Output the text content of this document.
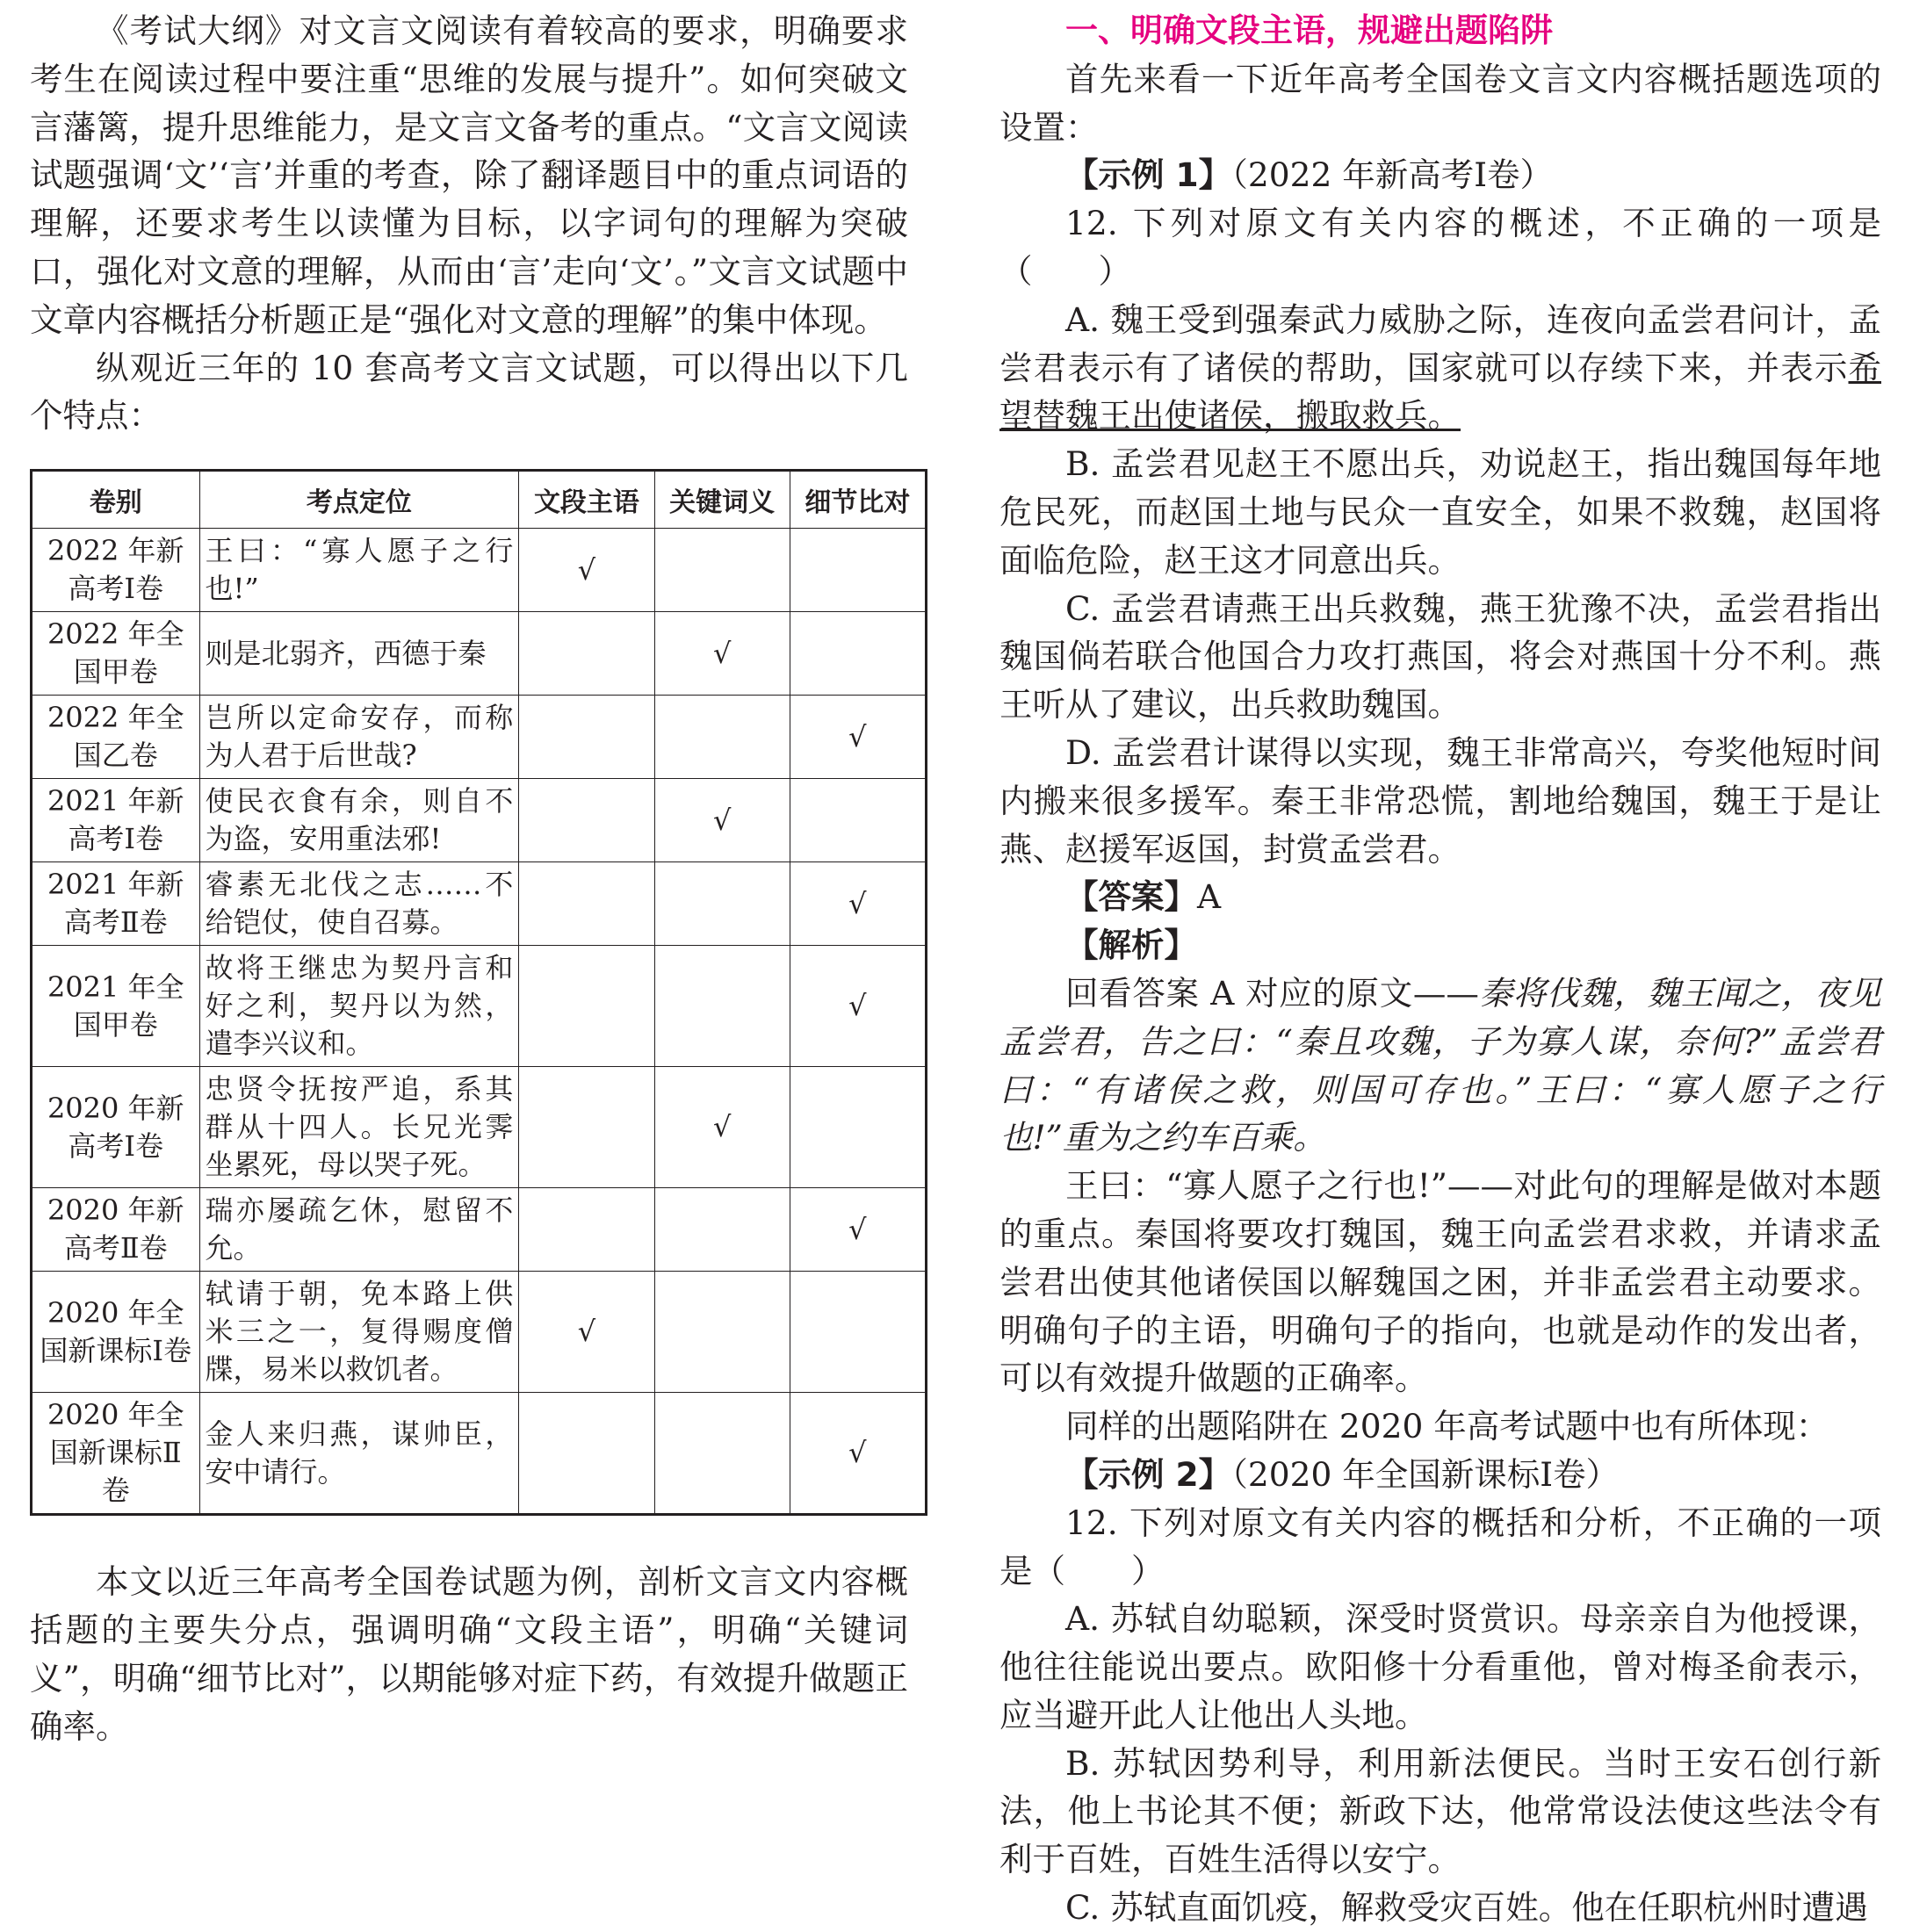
《考试大纲》对文言文阅读有着较高的要求，明确要求考生在阅读过程中要注重“思维的发展与提升”。如何突破文言藩篱，提升思维能力，是文言文备考的重点。“文言文阅读试题强调‘文’‘言’并重的考查，除了翻译题目中的重点词语的理解，还要求考生以读懂为目标，以字词句的理解为突破口，强化对文意的理解，从而由‘言’走向‘文’。”文言文试题中文章内容概括分析题正是“强化对文意的理解”的集中体现。

纵观近三年的 10 套高考文言文试题，可以得出以下几个特点：

卷别	考点定位	文段主语	关键词义	细节比对
2022 年新高考Ⅰ卷	王曰：“寡人愿子之行也!”	√		
2022 年全国甲卷	则是北弱齐，西德于秦		√	
2022 年全国乙卷	岂所以定命安存，而称为人君于后世哉?			√
2021 年新高考Ⅰ卷	使民衣食有余，则自不为盗，安用重法邪!		√	
2021 年新高考Ⅱ卷	睿素无北伐之志……不给铠仗，使自召募。			√
2021 年全国甲卷	故将王继忠为契丹言和好之利，契丹以为然，遣李兴议和。			√
2020 年新高考Ⅰ卷	忠贤令抚按严追，系其群从十四人。长兄光霁坐累死，母以哭子死。		√	
2020 年新高考Ⅱ卷	瑞亦屡疏乞休，慰留不允。			√
2020 年全国新课标Ⅰ卷	轼请于朝，免本路上供米三之一，复得赐度僧牒，易米以救饥者。	√		
2020 年全国新课标Ⅱ卷	金人来归燕，谋帅臣，安中请行。			√

本文以近三年高考全国卷试题为例，剖析文言文内容概括题的主要失分点，强调明确“文段主语”，明确“关键词义”，明确“细节比对”，以期能够对症下药，有效提升做题正确率。

一、明确文段主语，规避出题陷阱

首先来看一下近年高考全国卷文言文内容概括题选项的设置：

【示例 1】（2022 年新高考Ⅰ卷）

12. 下列对原文有关内容的概述，不正确的一项是（　　）

A. 魏王受到强秦武力威胁之际，连夜向孟尝君问计，孟尝君表示有了诸侯的帮助，国家就可以存续下来，并表示希望替魏王出使诸侯，搬取救兵。

B. 孟尝君见赵王不愿出兵，劝说赵王，指出魏国每年地危民死，而赵国土地与民众一直安全，如果不救魏，赵国将面临危险，赵王这才同意出兵。

C. 孟尝君请燕王出兵救魏，燕王犹豫不决，孟尝君指出魏国倘若联合他国合力攻打燕国，将会对燕国十分不利。燕王听从了建议，出兵救助魏国。

D. 孟尝君计谋得以实现，魏王非常高兴，夸奖他短时间内搬来很多援军。秦王非常恐慌，割地给魏国，魏王于是让燕、赵援军返国，封赏孟尝君。

【答案】A

【解析】

回看答案 A 对应的原文——秦将伐魏，魏王闻之，夜见孟尝君，告之曰：“秦且攻魏，子为寡人谋，奈何?”孟尝君曰：“有诸侯之救，则国可存也。”王曰：“寡人愿子之行也!”重为之约车百乘。

王曰：“寡人愿子之行也!”——对此句的理解是做对本题的重点。秦国将要攻打魏国，魏王向孟尝君求救，并请求孟尝君出使其他诸侯国以解魏国之困，并非孟尝君主动要求。明确句子的主语，明确句子的指向，也就是动作的发出者，可以有效提升做题的正确率。

同样的出题陷阱在 2020 年高考试题中也有所体现：

【示例 2】（2020 年全国新课标Ⅰ卷）

12. 下列对原文有关内容的概括和分析，不正确的一项是（　　）

A. 苏轼自幼聪颖，深受时贤赏识。母亲亲自为他授课，他往往能说出要点。欧阳修十分看重他，曾对梅圣俞表示，应当避开此人让他出人头地。

B. 苏轼因势利导，利用新法便民。当时王安石创行新法，他上书论其不便；新政下达，他常常设法使这些法令有利于百姓，百姓生活得以安宁。

C. 苏轼直面饥疫，解救受灾百姓。他在任职杭州时遭遇
